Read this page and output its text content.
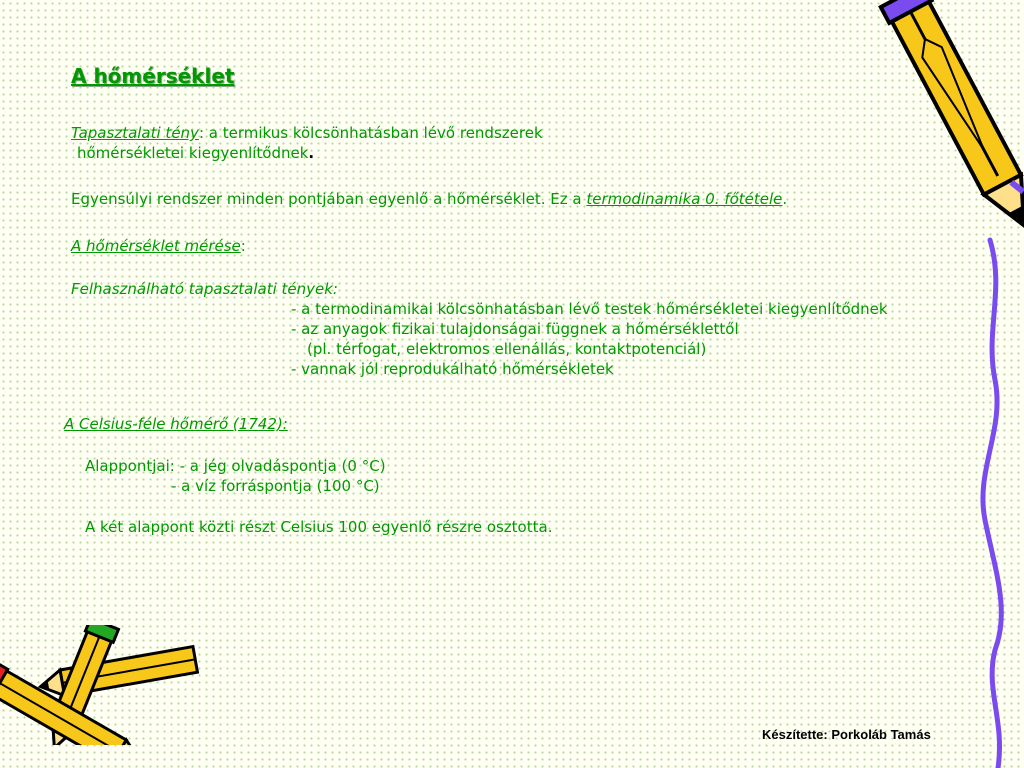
A hőmérséklet
Tapasztalati tény: a termikus kölcsönhatásban lévő rendszerek
hőmérsékletei kiegyenlítődnek.
Egyensúlyi rendszer minden pontjában egyenlő a hőmérséklet. Ez a termodinamika 0. főtétele.
A hőmérséklet mérése:
Felhasználható tapasztalati tények:
- a termodinamikai kölcsönhatásban lévő testek hőmérsékletei kiegyenlítődnek
- az anyagok fizikai tulajdonságai függnek a hőmérséklettől
(pl. térfogat, elektromos ellenállás, kontaktpotenciál)
- vannak jól reprodukálható hőmérsékletek
A Celsius-féle hőmérő (1742):
Alappontjai: - a jég olvadáspontja (0 °C)
- a víz forráspontja (100 °C)
A két alappont közti részt Celsius 100 egyenlő részre osztotta.
Készítette: Porkoláb Tamás
